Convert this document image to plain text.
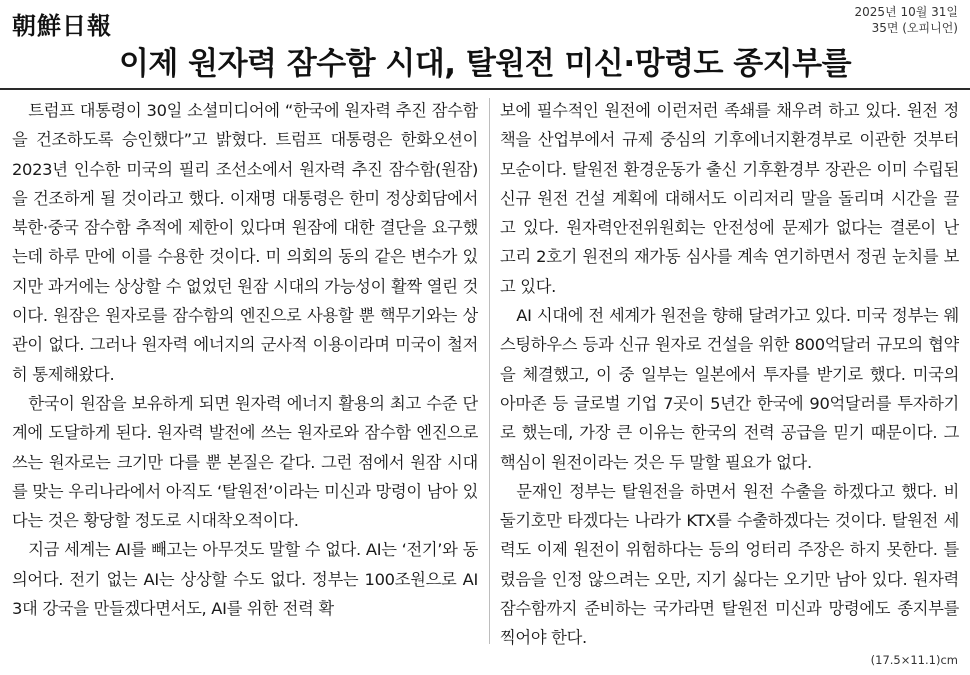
朝鮮日報	2025년 10월 31일
35면 (오피니언)
이제 원자력 잠수함 시대, 탈원전 미신·망령도 종지부를

트럼프 대통령이 30일 소셜미디어에 “한국에 원자력 추진 잠수함을 건조하도록 승인했다”고 밝혔다. 트럼프 대통령은 한화오션이 2023년 인수한 미국의 필리 조선소에서 원자력 추진 잠수함(원잠)을 건조하게 될 것이라고 했다. 이재명 대통령은 한미 정상회담에서 북한·중국 잠수함 추적에 제한이 있다며 원잠에 대한 결단을 요구했는데 하루 만에 이를 수용한 것이다. 미 의회의 동의 같은 변수가 있지만 과거에는 상상할 수 없었던 원잠 시대의 가능성이 활짝 열린 것이다. 원잠은 원자로를 잠수함의 엔진으로 사용할 뿐 핵무기와는 상관이 없다. 그러나 원자력 에너지의 군사적 이용이라며 미국이 철저히 통제해왔다.

한국이 원잠을 보유하게 되면 원자력 에너지 활용의 최고 수준 단계에 도달하게 된다. 원자력 발전에 쓰는 원자로와 잠수함 엔진으로 쓰는 원자로는 크기만 다를 뿐 본질은 같다. 그런 점에서 원잠 시대를 맞는 우리나라에서 아직도 ‘탈원전’이라는 미신과 망령이 남아 있다는 것은 황당할 정도로 시대착오적이다.

지금 세계는 AI를 빼고는 아무것도 말할 수 없다. AI는 ‘전기’와 동의어다. 전기 없는 AI는 상상할 수도 없다. 정부는 100조원으로 AI 3대 강국을 만들겠다면서도, AI를 위한 전력 확

보에 필수적인 원전에 이런저런 족쇄를 채우려 하고 있다. 원전 정책을 산업부에서 규제 중심의 기후에너지환경부로 이관한 것부터 모순이다. 탈원전 환경운동가 출신 기후환경부 장관은 이미 수립된 신규 원전 건설 계획에 대해서도 이리저리 말을 돌리며 시간을 끌고 있다. 원자력안전위원회는 안전성에 문제가 없다는 결론이 난 고리 2호기 원전의 재가동 심사를 계속 연기하면서 정권 눈치를 보고 있다.

AI 시대에 전 세계가 원전을 향해 달려가고 있다. 미국 정부는 웨스팅하우스 등과 신규 원자로 건설을 위한 800억달러 규모의 협약을 체결했고, 이 중 일부는 일본에서 투자를 받기로 했다. 미국의 아마존 등 글로벌 기업 7곳이 5년간 한국에 90억달러를 투자하기로 했는데, 가장 큰 이유는 한국의 전력 공급을 믿기 때문이다. 그 핵심이 원전이라는 것은 두 말할 필요가 없다.

문재인 정부는 탈원전을 하면서 원전 수출을 하겠다고 했다. 비둘기호만 타겠다는 나라가 KTX를 수출하겠다는 것이다. 탈원전 세력도 이제 원전이 위험하다는 등의 엉터리 주장은 하지 못한다. 틀렸음을 인정 않으려는 오만, 지기 싫다는 오기만 남아 있다. 원자력 잠수함까지 준비하는 국가라면 탈원전 미신과 망령에도 종지부를 찍어야 한다.

(17.5×11.1)cm
